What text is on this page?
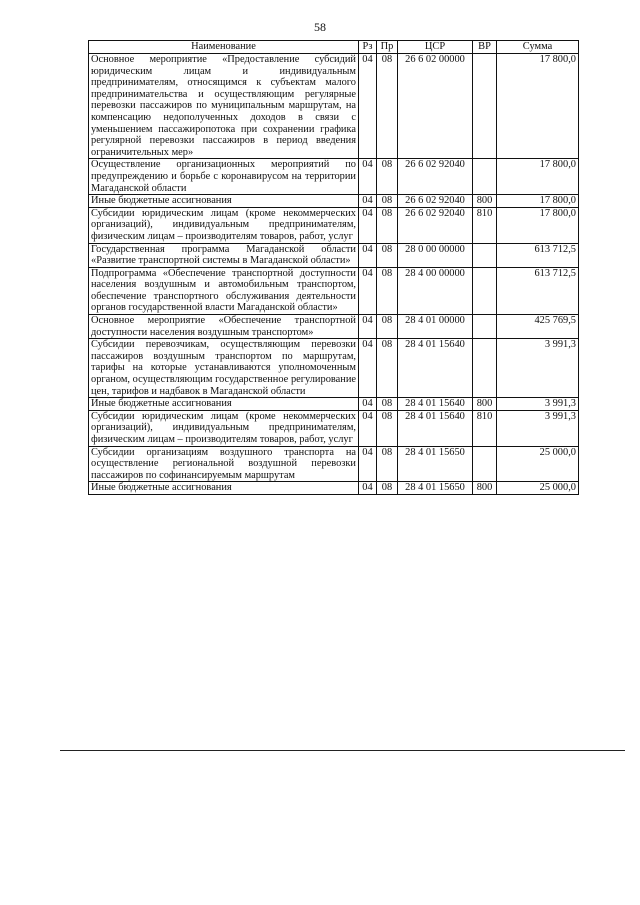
58
Наименование	Рз	Пр	ЦСР	ВР	Сумма
Основное мероприятие «Предоставление субсидий юридическим лицам и индивидуальным предпринимателям, относящимся к субъектам малого предпринимательства и осуществляющим регулярные перевозки пассажиров по муниципальным маршрутам, на компенсацию недополученных доходов в связи с уменьшением пассажиропотока при сохранении графика регулярной перевозки пассажиров в период введения ограничительных мер»	04	08	26 6 02 00000		17 800,0
Осуществление организационных мероприятий по предупреждению и борьбе с коронавирусом на территории Магаданской области	04	08	26 6 02 92040		17 800,0
Иные бюджетные ассигнования	04	08	26 6 02 92040	800	17 800,0
Субсидии юридическим лицам (кроме некоммерческих организаций), индивидуальным предпринимателям, физическим лицам – производителям товаров, работ, услуг	04	08	26 6 02 92040	810	17 800,0
Государственная программа Магаданской области «Развитие транспортной системы в Магаданской области»	04	08	28 0 00 00000		613 712,5
Подпрограмма «Обеспечение транспортной доступности населения воздушным и автомобильным транспортом, обеспечение транспортного обслуживания деятельности органов государственной власти Магаданской области»	04	08	28 4 00 00000		613 712,5
Основное мероприятие «Обеспечение транспортной доступности населения воздушным транспортом»	04	08	28 4 01 00000		425 769,5
Субсидии перевозчикам, осуществляющим перевозки пассажиров воздушным транспортом по маршрутам, тарифы на которые устанавливаются уполномоченным органом, осуществляющим государственное регулирование цен, тарифов и надбавок в Магаданской области	04	08	28 4 01 15640		3 991,3
Иные бюджетные ассигнования	04	08	28 4 01 15640	800	3 991,3
Субсидии юридическим лицам (кроме некоммерческих организаций), индивидуальным предпринимателям, физическим лицам – производителям товаров, работ, услуг	04	08	28 4 01 15640	810	3 991,3
Субсидии организациям воздушного транспорта на осуществление региональной воздушной перевозки пассажиров по софинансируемым маршрутам	04	08	28 4 01 15650		25 000,0
Иные бюджетные ассигнования	04	08	28 4 01 15650	800	25 000,0
